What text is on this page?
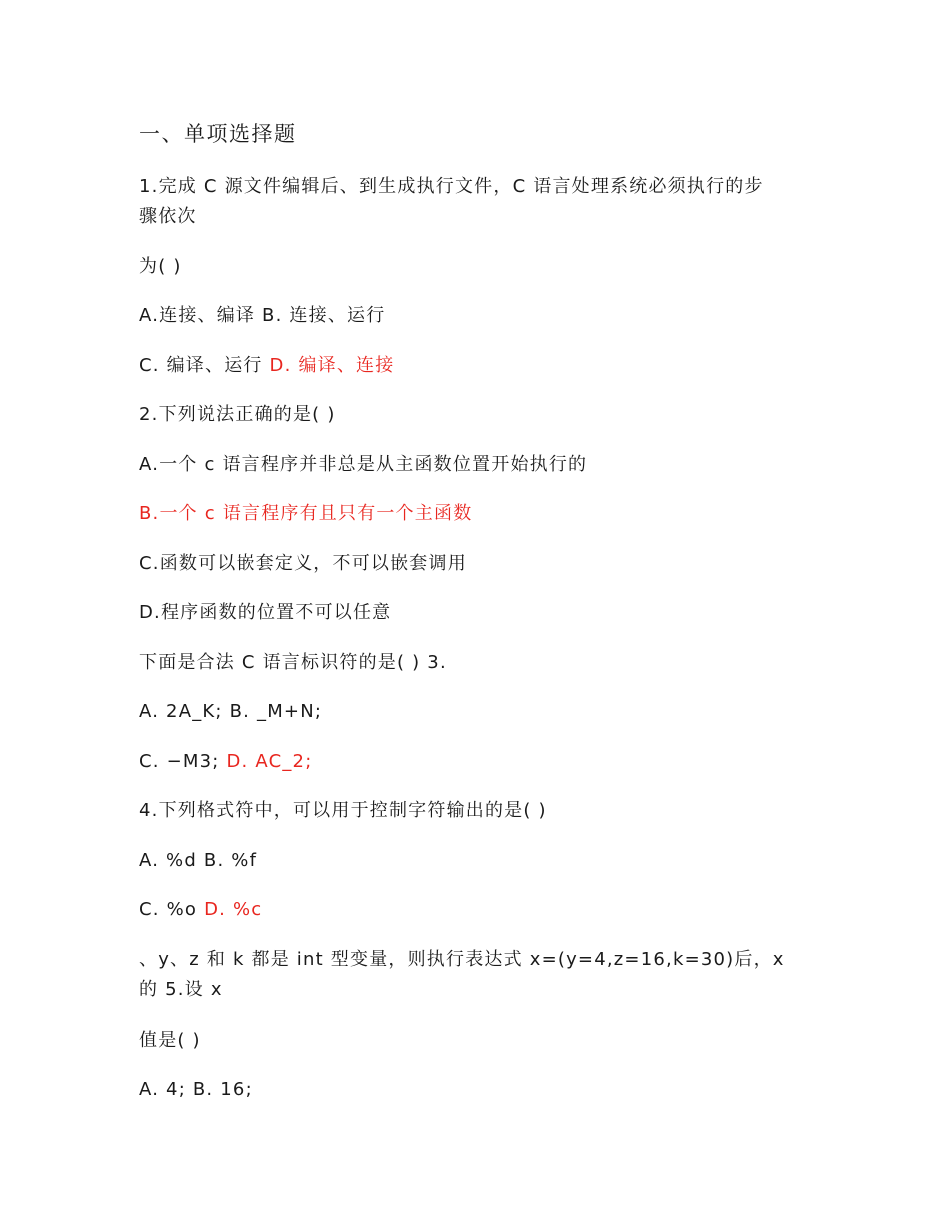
一、单项选择题
1.完成 C 源文件编辑后、到生成执行文件，C 语言处理系统必须执行的步
骤依次
为( )
A.连接、编译 B. 连接、运行
C. 编译、运行 D. 编译、连接
2.下列说法正确的是( )
A.一个 c 语言程序并非总是从主函数位置开始执行的
B.一个 c 语言程序有且只有一个主函数
C.函数可以嵌套定义，不可以嵌套调用
D.程序函数的位置不可以任意
下面是合法 C 语言标识符的是( ) 3.
A. 2A_K; B. _M+N;
C. −M3; D. AC_2;
4.下列格式符中，可以用于控制字符输出的是( )
A. %d B. %f
C. %o D. %c
、y、z 和 k 都是 int 型变量，则执行表达式 x=(y=4,z=16,k=30)后，x
的 5.设 x
值是( )
A. 4; B. 16;
